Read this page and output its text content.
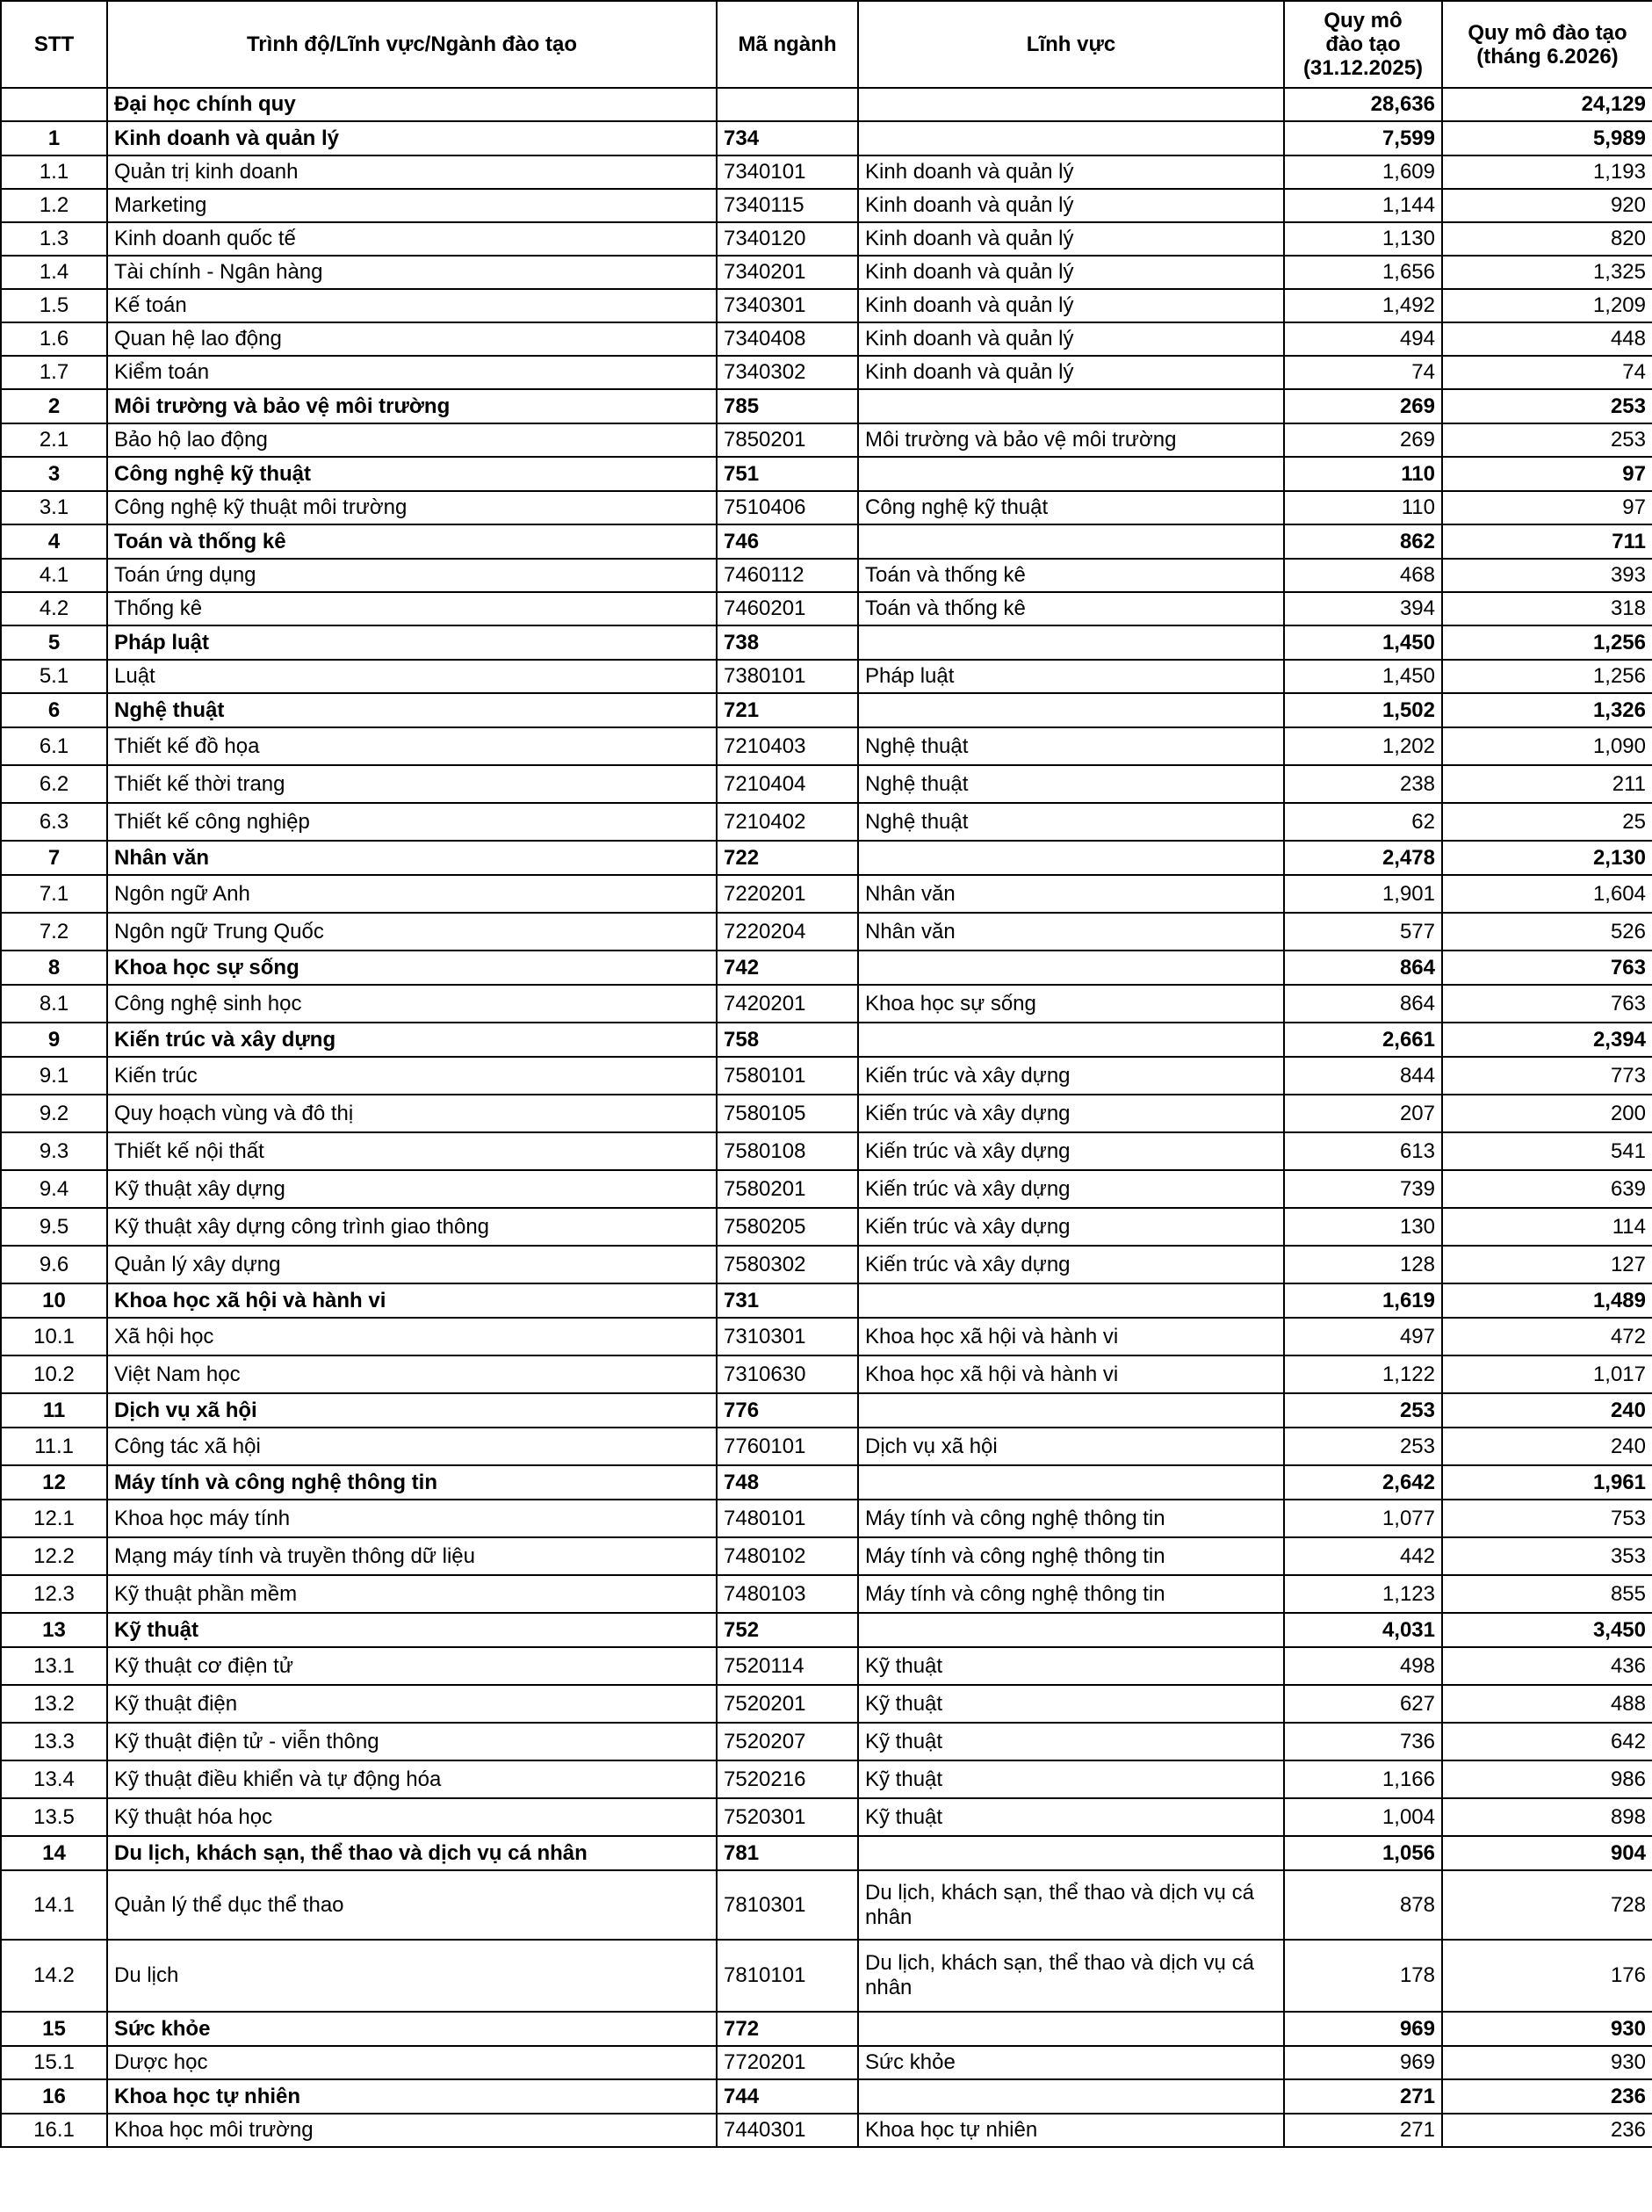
STT	Trình độ/Lĩnh vực/Ngành đào tạo	Mã ngành	Lĩnh vực	Quy mô
đào tạo
(31.12.2025)	Quy mô đào tạo
(tháng 6.2026)
	Đại học chính quy			28,636	24,129
1	Kinh doanh và quản lý	734		7,599	5,989
1.1	Quản trị kinh doanh	7340101	Kinh doanh và quản lý	1,609	1,193
1.2	Marketing	7340115	Kinh doanh và quản lý	1,144	920
1.3	Kinh doanh quốc tế	7340120	Kinh doanh và quản lý	1,130	820
1.4	Tài chính - Ngân hàng	7340201	Kinh doanh và quản lý	1,656	1,325
1.5	Kế toán	7340301	Kinh doanh và quản lý	1,492	1,209
1.6	Quan hệ lao động	7340408	Kinh doanh và quản lý	494	448
1.7	Kiểm toán	7340302	Kinh doanh và quản lý	74	74
2	Môi trường và bảo vệ môi trường	785		269	253
2.1	Bảo hộ lao động	7850201	Môi trường và bảo vệ môi trường	269	253
3	Công nghệ kỹ thuật	751		110	97
3.1	Công nghệ kỹ thuật môi trường	7510406	Công nghệ kỹ thuật	110	97
4	Toán và thống kê	746		862	711
4.1	Toán ứng dụng	7460112	Toán và thống kê	468	393
4.2	Thống kê	7460201	Toán và thống kê	394	318
5	Pháp luật	738		1,450	1,256
5.1	Luật	7380101	Pháp luật	1,450	1,256
6	Nghệ thuật	721		1,502	1,326
6.1	Thiết kế đồ họa	7210403	Nghệ thuật	1,202	1,090
6.2	Thiết kế thời trang	7210404	Nghệ thuật	238	211
6.3	Thiết kế công nghiệp	7210402	Nghệ thuật	62	25
7	Nhân văn	722		2,478	2,130
7.1	Ngôn ngữ Anh	7220201	Nhân văn	1,901	1,604
7.2	Ngôn ngữ Trung Quốc	7220204	Nhân văn	577	526
8	Khoa học sự sống	742		864	763
8.1	Công nghệ sinh học	7420201	Khoa học sự sống	864	763
9	Kiến trúc và xây dựng	758		2,661	2,394
9.1	Kiến trúc	7580101	Kiến trúc và xây dựng	844	773
9.2	Quy hoạch vùng và đô thị	7580105	Kiến trúc và xây dựng	207	200
9.3	Thiết kế nội thất	7580108	Kiến trúc và xây dựng	613	541
9.4	Kỹ thuật xây dựng	7580201	Kiến trúc và xây dựng	739	639
9.5	Kỹ thuật xây dựng công trình giao thông	7580205	Kiến trúc và xây dựng	130	114
9.6	Quản lý xây dựng	7580302	Kiến trúc và xây dựng	128	127
10	Khoa học xã hội và hành vi	731		1,619	1,489
10.1	Xã hội học	7310301	Khoa học xã hội và hành vi	497	472
10.2	Việt Nam học	7310630	Khoa học xã hội và hành vi	1,122	1,017
11	Dịch vụ xã hội	776		253	240
11.1	Công tác xã hội	7760101	Dịch vụ xã hội	253	240
12	Máy tính và công nghệ thông tin	748		2,642	1,961
12.1	Khoa học máy tính	7480101	Máy tính và công nghệ thông tin	1,077	753
12.2	Mạng máy tính và truyền thông dữ liệu	7480102	Máy tính và công nghệ thông tin	442	353
12.3	Kỹ thuật phần mềm	7480103	Máy tính và công nghệ thông tin	1,123	855
13	Kỹ thuật	752		4,031	3,450
13.1	Kỹ thuật cơ điện tử	7520114	Kỹ thuật	498	436
13.2	Kỹ thuật điện	7520201	Kỹ thuật	627	488
13.3	Kỹ thuật điện tử - viễn thông	7520207	Kỹ thuật	736	642
13.4	Kỹ thuật điều khiển và tự động hóa	7520216	Kỹ thuật	1,166	986
13.5	Kỹ thuật hóa học	7520301	Kỹ thuật	1,004	898
14	Du lịch, khách sạn, thể thao và dịch vụ cá nhân	781		1,056	904
14.1	Quản lý thể dục thể thao	7810301	Du lịch, khách sạn, thể thao và dịch vụ cá nhân	878	728
14.2	Du lịch	7810101	Du lịch, khách sạn, thể thao và dịch vụ cá nhân	178	176
15	Sức khỏe	772		969	930
15.1	Dược học	7720201	Sức khỏe	969	930
16	Khoa học tự nhiên	744		271	236
16.1	Khoa học môi trường	7440301	Khoa học tự nhiên	271	236
